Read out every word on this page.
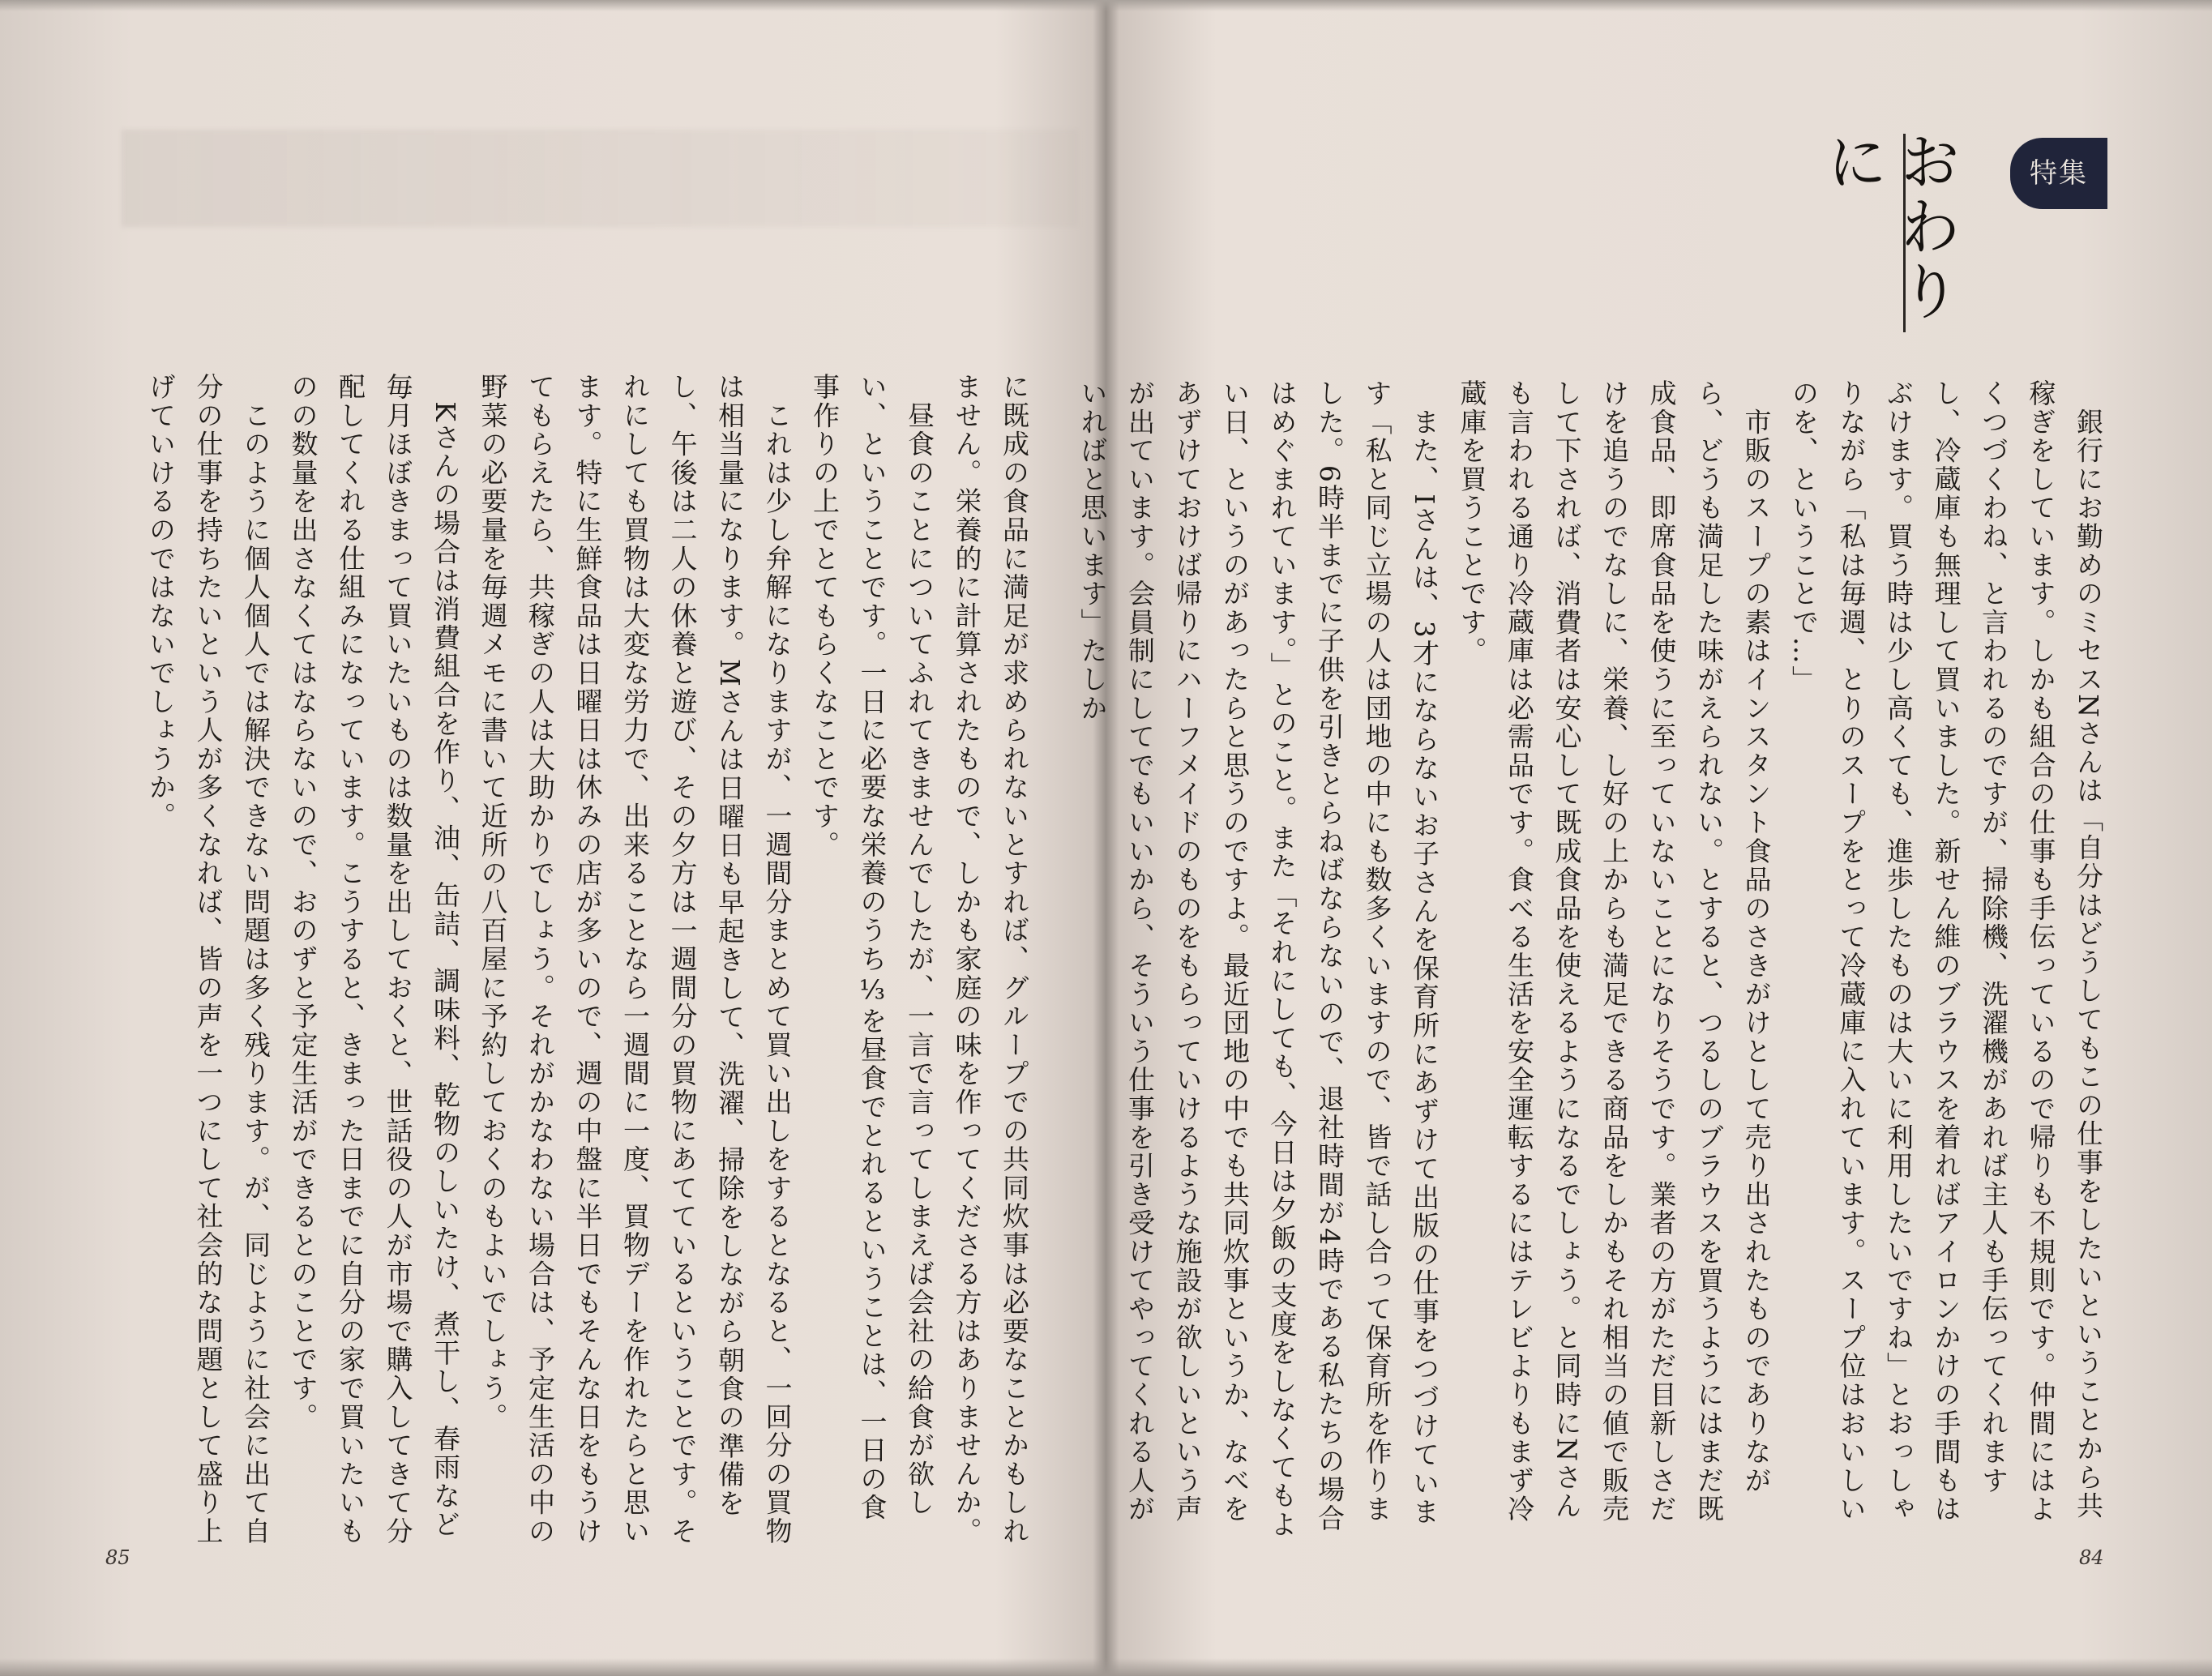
特集
おわりに
　銀行にお勤めのミセスNさんは「自分はどうしてもこの仕事をしたいということから共稼ぎをしています。しかも組合の仕事も手伝っているので帰りも不規則です。仲間にはよくつづくわね、と言われるのですが、掃除機、洗濯機があれば主人も手伝ってくれますし、冷蔵庫も無理して買いました。新せん維のブラウスを着ればアイロンかけの手間もはぶけます。買う時は少し高くても、進歩したものは大いに利用したいですね」とおっしゃりながら「私は毎週、とりのスープをとって冷蔵庫に入れています。スープ位はおいしいのを、ということで…」
　市販のスープの素はインスタント食品のさきがけとして売り出されたものでありながら、どうも満足した味がえられない。とすると、つるしのブラウスを買うようにはまだ既成食品、即席食品を使うに至っていないことになりそうです。業者の方がただ目新しさだけを追うのでなしに、栄養、し好の上からも満足できる商品をしかもそれ相当の値で販売して下されば、消費者は安心して既成食品を使えるようになるでしょう。と同時にNさんも言われる通り冷蔵庫は必需品です。食べる生活を安全運転するにはテレビよりもまず冷蔵庫を買うことです。
　また、Iさんは、3才にならないお子さんを保育所にあずけて出版の仕事をつづけています「私と同じ立場の人は団地の中にも数多くいますので、皆で話し合って保育所を作りました。6時半までに子供を引きとらねばならないので、退社時間が4時である私たちの場合はめぐまれています。」とのこと。また「それにしても、今日は夕飯の支度をしなくてもよい日、というのがあったらと思うのですよ。最近団地の中でも共同炊事というか、なべをあずけておけば帰りにハーフメイドのものをもらっていけるような施設が欲しいという声が出ています。会員制にしてでもいいから、そういう仕事を引き受けてやってくれる人がいればと思います」たしか
に既成の食品に満足が求められないとすれば、グループでの共同炊事は必要なことかもしれません。栄養的に計算されたもので、しかも家庭の味を作ってくださる方はありませんか。
　昼食のことについてふれてきませんでしたが、一言で言ってしまえば会社の給食が欲しい、ということです。一日に必要な栄養のうち⅓を昼食でとれるということは、一日の食事作りの上でとてもらくなことです。
　これは少し弁解になりますが、一週間分まとめて買い出しをするとなると、一回分の買物は相当量になります。Mさんは日曜日も早起きして、洗濯、掃除をしながら朝食の準備をし、午後は二人の休養と遊び、その夕方は一週間分の買物にあてているということです。それにしても買物は大変な労力で、出来ることなら一週間に一度、買物デーを作れたらと思います。特に生鮮食品は日曜日は休みの店が多いので、週の中盤に半日でもそんな日をもうけてもらえたら、共稼ぎの人は大助かりでしょう。それがかなわない場合は、予定生活の中の野菜の必要量を毎週メモに書いて近所の八百屋に予約しておくのもよいでしょう。
　Kさんの場合は消費組合を作り、油、缶詰、調味料、乾物のしいたけ、煮干し、春雨など毎月ほぼきまって買いたいものは数量を出しておくと、世話役の人が市場で購入してきて分配してくれる仕組みになっています。こうすると、きまった日までに自分の家で買いたいものの数量を出さなくてはならないので、おのずと予定生活ができるとのことです。
　このように個人個人では解決できない問題は多く残ります。が、同じように社会に出て自分の仕事を持ちたいという人が多くなれば、皆の声を一つにして社会的な問題として盛り上げていけるのではないでしょうか。
85	84
